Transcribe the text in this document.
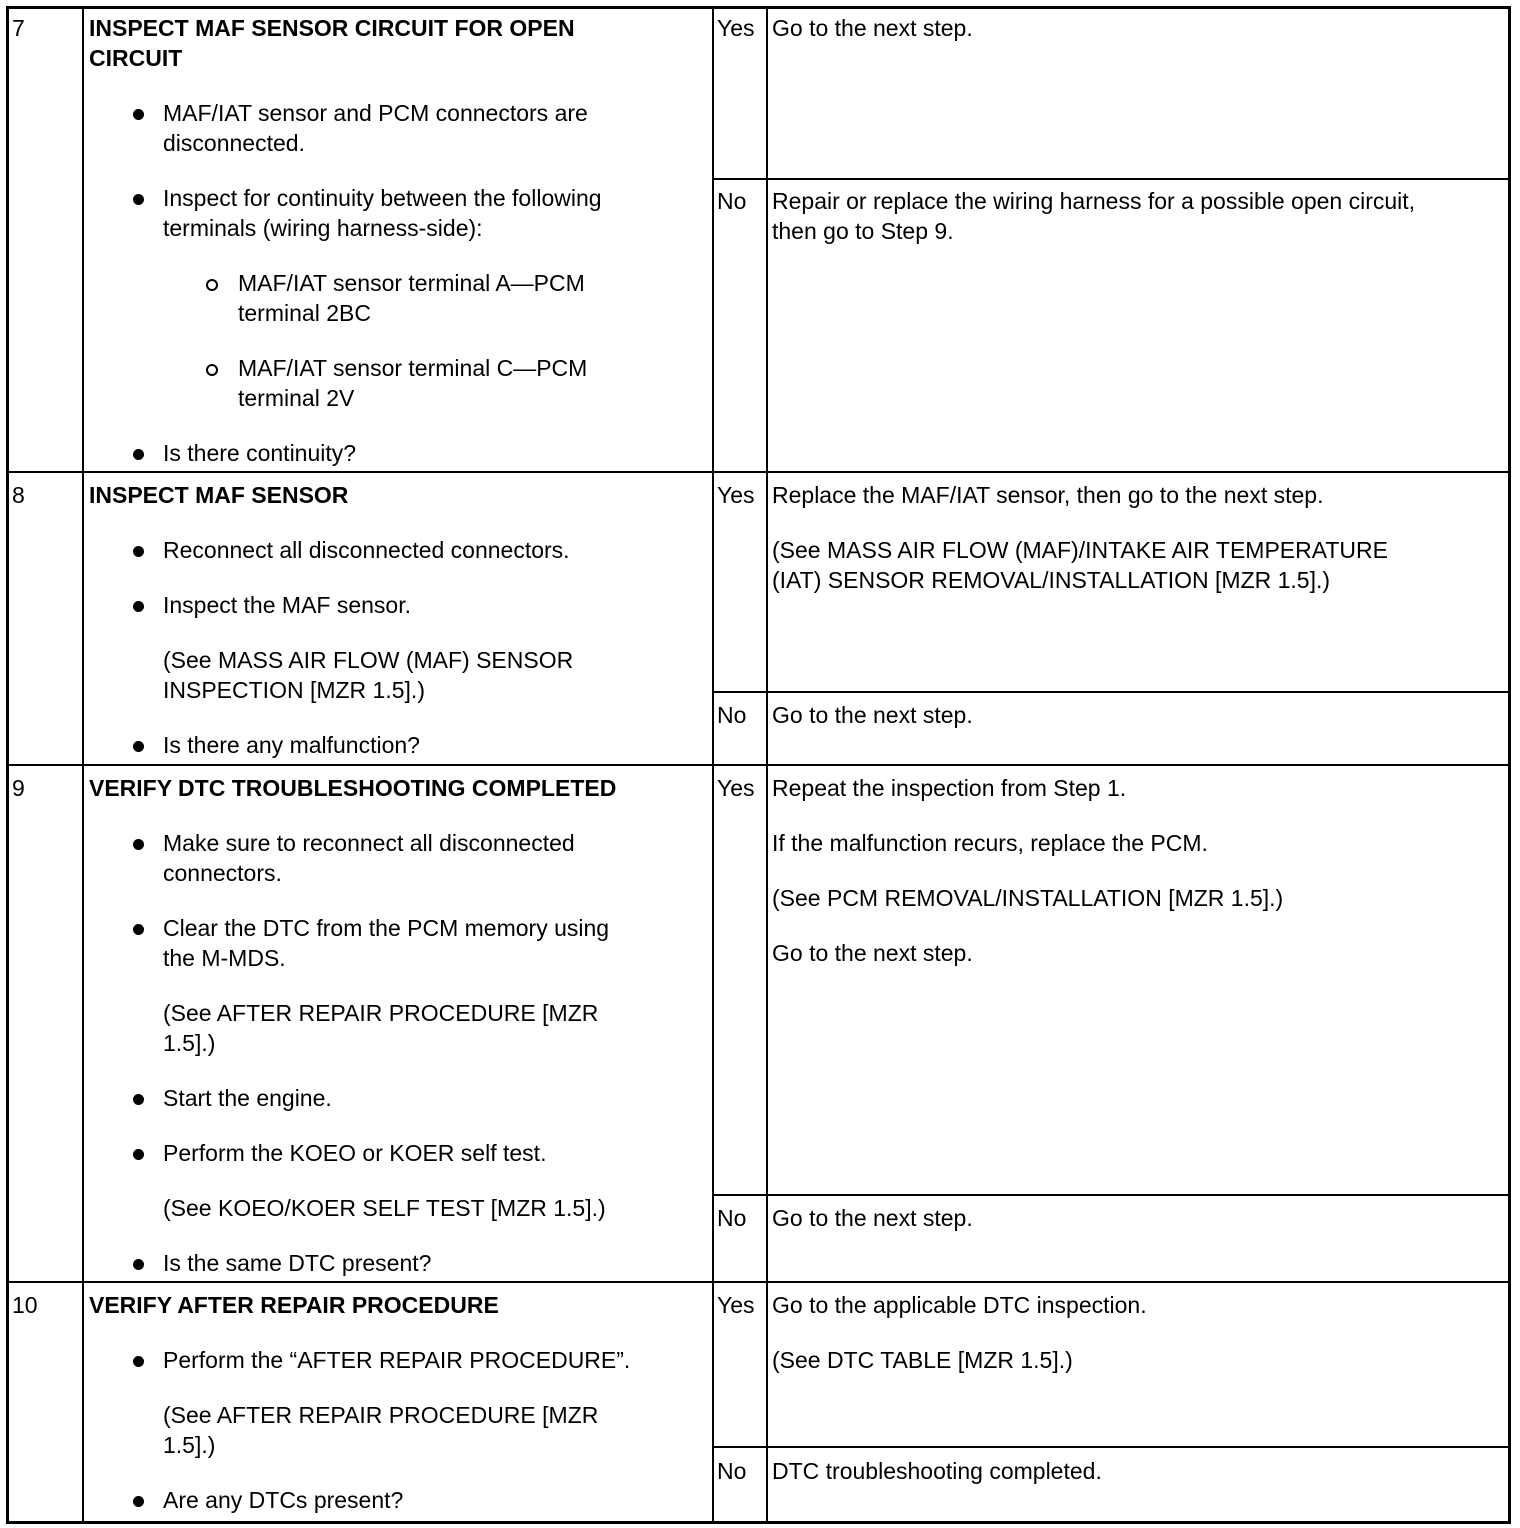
7	INSPECT MAF SENSOR CIRCUIT FOR OPEN
CIRCUIT
MAF/IAT sensor and PCM connectors are
disconnected.
Inspect for continuity between the following
terminals (wiring harness-side):
MAF/IAT sensor terminal A—PCM
terminal 2BC
MAF/IAT sensor terminal C—PCM
terminal 2V
Is there continuity?
Yes Go to the next step.
No Repair or replace the wiring harness for a possible open circuit,
then go to Step 9.
8	INSPECT MAF SENSOR
Reconnect all disconnected connectors.
Inspect the MAF sensor.
(See MASS AIR FLOW (MAF) SENSOR
INSPECTION [MZR 1.5].)
Is there any malfunction?
Yes Replace the MAF/IAT sensor, then go to the next step.
(See MASS AIR FLOW (MAF)/INTAKE AIR TEMPERATURE
(IAT) SENSOR REMOVAL/INSTALLATION [MZR 1.5].)
No Go to the next step.
9	VERIFY DTC TROUBLESHOOTING COMPLETED
Make sure to reconnect all disconnected
connectors.
Clear the DTC from the PCM memory using
the M-MDS.
(See AFTER REPAIR PROCEDURE [MZR
1.5].)
Start the engine.
Perform the KOEO or KOER self test.
(See KOEO/KOER SELF TEST [MZR 1.5].)
Is the same DTC present?
Yes Repeat the inspection from Step 1.
If the malfunction recurs, replace the PCM.
(See PCM REMOVAL/INSTALLATION [MZR 1.5].)
Go to the next step.
No Go to the next step.
10 VERIFY AFTER REPAIR PROCEDURE
Perform the “AFTER REPAIR PROCEDURE”.
(See AFTER REPAIR PROCEDURE [MZR
1.5].)
Are any DTCs present?
Yes Go to the applicable DTC inspection.
(See DTC TABLE [MZR 1.5].)
No DTC troubleshooting completed.
